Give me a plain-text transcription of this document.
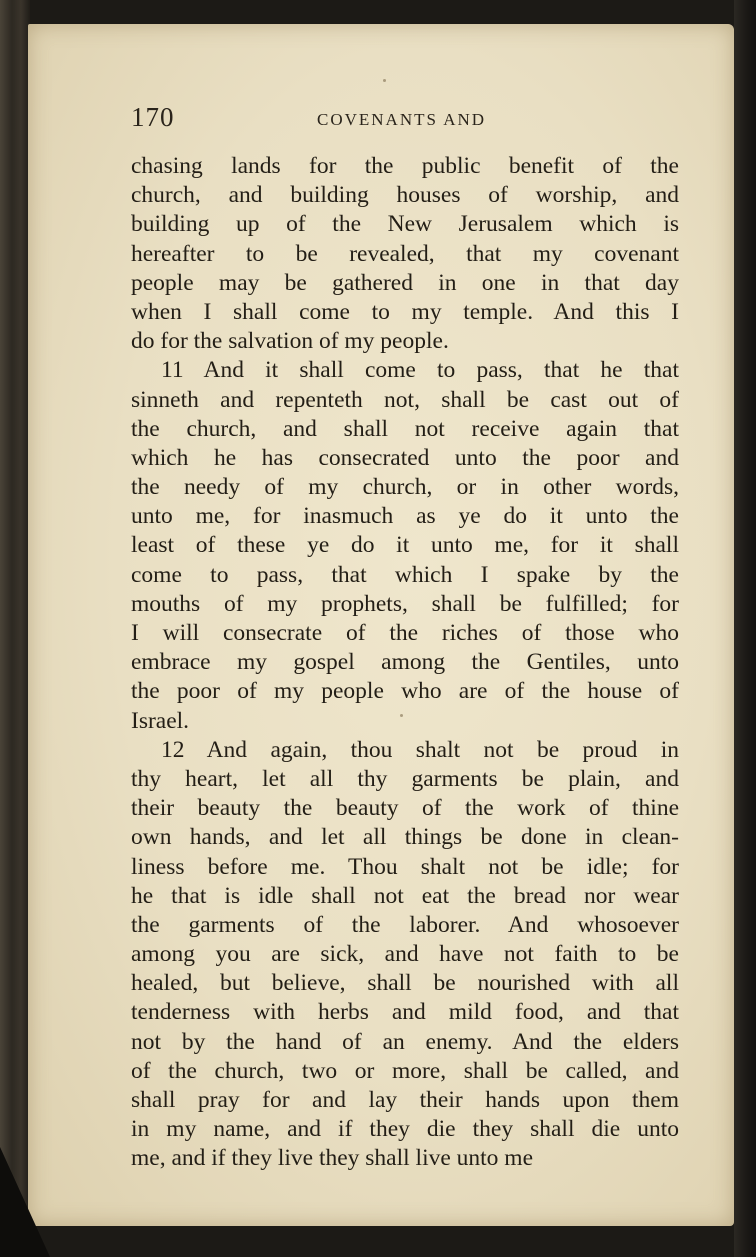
170	COVENANTS AND
chasing lands for the public benefit of the
church, and building houses of worship, and
building up of the New Jerusalem which is
hereafter to be revealed, that my covenant
people may be gathered in one in that day
when I shall come to my temple. And this I
do for the salvation of my people.
11 And it shall come to pass, that he that
sinneth and repenteth not, shall be cast out of
the church, and shall not receive again that
which he has consecrated unto the poor and
the needy of my church, or in other words,
unto me, for inasmuch as ye do it unto the
least of these ye do it unto me, for it shall
come to pass, that which I spake by the
mouths of my prophets, shall be fulfilled; for
I will consecrate of the riches of those who
embrace my gospel among the Gentiles, unto
the poor of my people who are of the house of
Israel.
12 And again, thou shalt not be proud in
thy heart, let all thy garments be plain, and
their beauty the beauty of the work of thine
own hands, and let all things be done in clean-
liness before me. Thou shalt not be idle; for
he that is idle shall not eat the bread nor wear
the garments of the laborer. And whosoever
among you are sick, and have not faith to be
healed, but believe, shall be nourished with all
tenderness with herbs and mild food, and that
not by the hand of an enemy. And the elders
of the church, two or more, shall be called, and
shall pray for and lay their hands upon them
in my name, and if they die they shall die unto
me, and if they live they shall live unto me
